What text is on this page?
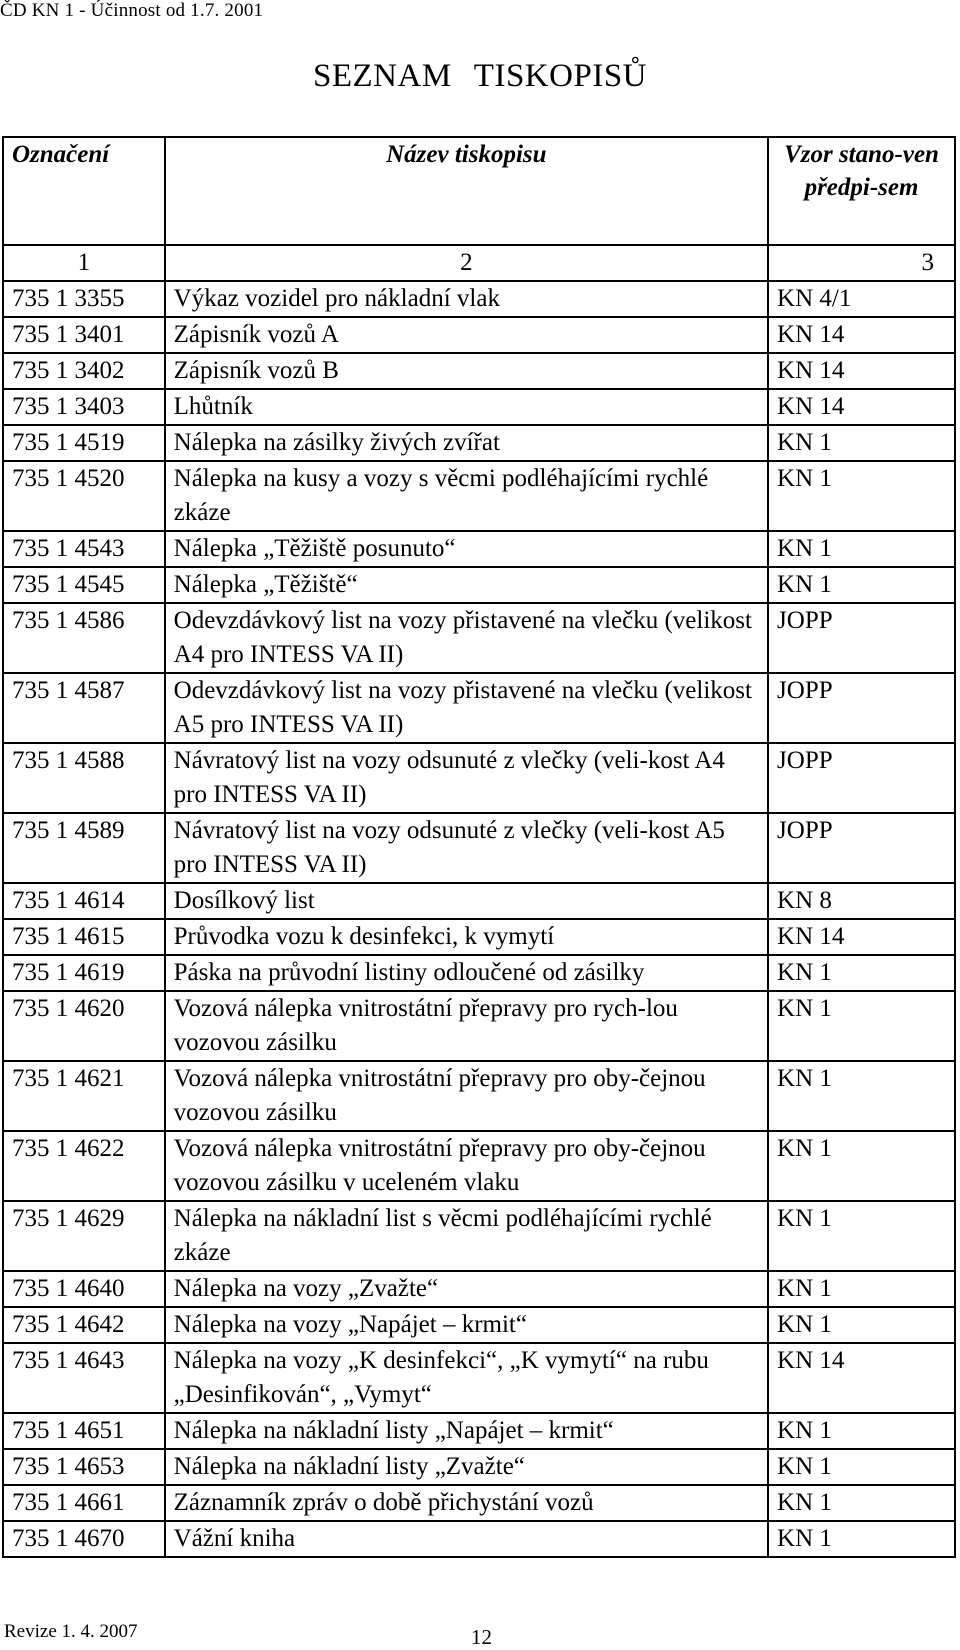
ČD KN 1 - Účinnost od 1.7. 2001
SEZNAM TISKOPISŮ
Označení	Název tiskopisu	Vzor stano-ven předpi-sem
1	2	3
735 1 3355	Výkaz vozidel pro nákladní vlak	KN 4/1
735 1 3401	Zápisník vozů A	KN 14
735 1 3402	Zápisník vozů B	KN 14
735 1 3403	Lhůtník	KN 14
735 1 4519	Nálepka na zásilky živých zvířat	KN 1
735 1 4520	Nálepka na kusy a vozy s věcmi podléhajícími rychlé zkáze	KN 1
735 1 4543	Nálepka „Těžiště posunuto“	KN 1
735 1 4545	Nálepka „Těžiště“	KN 1
735 1 4586	Odevzdávkový list na vozy přistavené na vlečku (velikost A4 pro INTESS VA II)	JOPP
735 1 4587	Odevzdávkový list na vozy přistavené na vlečku (velikost A5 pro INTESS VA II)	JOPP
735 1 4588	Návratový list na vozy odsunuté z vlečky (veli-kost A4 pro INTESS VA II)	JOPP
735 1 4589	Návratový list na vozy odsunuté z vlečky (veli-kost A5 pro INTESS VA II)	JOPP
735 1 4614	Dosílkový list	KN 8
735 1 4615	Průvodka vozu k desinfekci, k vymytí	KN 14
735 1 4619	Páska na průvodní listiny odloučené od zásilky	KN 1
735 1 4620	Vozová nálepka vnitrostátní přepravy pro rych-lou vozovou zásilku	KN 1
735 1 4621	Vozová nálepka vnitrostátní přepravy pro oby-čejnou vozovou zásilku	KN 1
735 1 4622	Vozová nálepka vnitrostátní přepravy pro oby-čejnou vozovou zásilku v uceleném vlaku	KN 1
735 1 4629	Nálepka na nákladní list s věcmi podléhajícími rychlé zkáze	KN 1
735 1 4640	Nálepka na vozy „Zvažte“	KN 1
735 1 4642	Nálepka na vozy „Napájet – krmit“	KN 1
735 1 4643	Nálepka na vozy „K desinfekci“, „K vymytí“ na rubu „Desinfikován“, „Vymyt“	KN 14
735 1 4651	Nálepka na nákladní listy „Napájet – krmit“	KN 1
735 1 4653	Nálepka na nákladní listy „Zvažte“	KN 1
735 1 4661	Záznamník zpráv o době přichystání vozů	KN 1
735 1 4670	Vážní kniha	KN 1
Revize 1. 4. 2007	12
